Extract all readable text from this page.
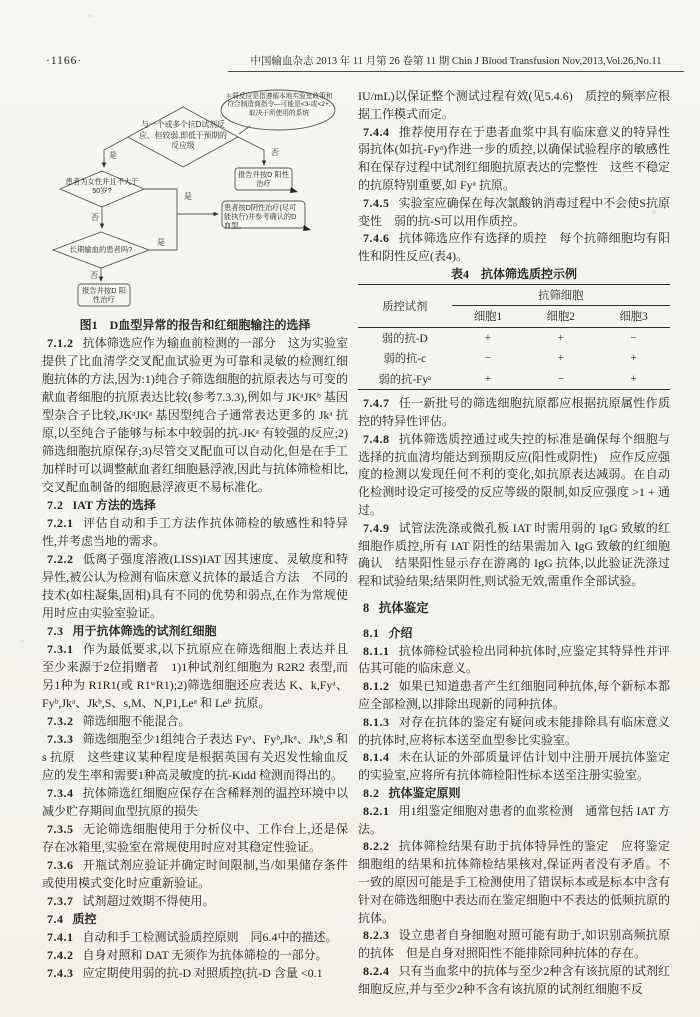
·1166·	中国输血杂志 2013 年 11 月第 26 卷第 11 期 Chin J Blood Transfusion Nov,2013,Vol.26,No.11
＊弱反应是指遵循本地实验室政策和符合制造商指令—可能是<3-或<2+,取决于所使用的系统
与一个或多个抗D试剂反应、但较弱,即低于预期的反应级
患者为女性并且不大于50岁?
长期输血的患者吗?
报告并按D 阳性治疗
患者按D阴性治疗(尽可能执行)并参考确认的D血型。
报告并按D 阳性治疗
是	否
是
否
是
否

图1　D血型异常的报告和红细胞输注的选择

7.1.2 抗体筛选应作为输血前检测的一部分　这为实验室提供了比血清学交叉配血试验更为可靠和灵敏的检测红细胞抗体的方法,因为:1)纯合子筛选细胞的抗原表达与可变的献血者细胞的抗原表达比较(参考7.3.3),例如与 JKᵃJKᵇ 基因型杂合子比较,JKᵃJKᵃ 基因型纯合子通常表达更多的 Jkᵃ 抗原,以至纯合子能够与标本中较弱的抗-JKᵃ 有较强的反应;2)筛选细胞抗原保存;3)尽管交叉配血可以自动化,但是在手工加样时可以调整献血者红细胞悬浮液,因此与抗体筛检相比,交叉配血制备的细胞悬浮液更不易标准化。

7.2 IAT 方法的选择

7.2.1 评估自动和手工方法作抗体筛检的敏感性和特异性,并考虑当地的需求。

7.2.2 低离子强度溶液(LISS)IAT 因其速度、灵敏度和特异性,被公认为检测有临床意义抗体的最适合方法　不同的技术(如柱凝集,固相)具有不同的优势和弱点,在作为常规使用时应由实验室验证。

7.3 用于抗体筛选的试剂红细胞

7.3.1 作为最低要求,以下抗原应在筛选细胞上表达并且至少来源于2位捐赠者　1)1种试剂红细胞为 R2R2 表型,而另1种为 R1R1(或 R1ʷR1);2)筛选细胞还应表达 K、k,Fyᵃ、Fyᵇ,Jkᵃ、Jkᵇ,S、s,M、N,P1,Leᵃ 和 Leᵇ 抗原。

7.3.2 筛选细胞不能混合。

7.3.3 筛选细胞至少1组纯合子表达 Fyᵃ、Fyᵇ,Jkᵃ、Jkᵇ,S 和 s 抗原　这些建议某种程度是根据英国有关迟发性输血反应的发生率和需要1种高灵敏度的抗-Kidd 检测而得出的。

7.3.4 抗体筛选红细胞应保存在含稀释剂的温控环境中以减少贮存期间血型抗原的损失

7.3.5 无论筛选细胞使用于分析仪中、工作台上,还是保存在冰箱里,实验室在常规使用时应对其稳定性验证。

7.3.6 开瓶试剂应验证并确定时间限制,当/如果储存条件或使用模式变化时应重新验证。

7.3.7 试剂超过效期不得使用。

7.4 质控

7.4.1 自动和手工检测试验质控原则　同6.4中的描述。

7.4.2 自身对照和 DAT 无须作为抗体筛检的一部分。

7.4.3 应定期使用弱的抗-D 对照质控(抗-D 含量 <0.1

IU/mL)以保证整个测试过程有效(见5.4.6)　质控的频率应根据工作模式而定。

7.4.4 推荐使用存在于患者血浆中具有临床意义的特异性弱抗体(如抗-Fyᵃ)作进一步的质控,以确保试验程序的敏感性和在保存过程中试剂红细胞抗原表达的完整性　这些不稳定的抗原特别重要,如 Fyᵃ 抗原。

7.4.5 实验室应确保在每次氯酸钠消毒过程中不会使S抗原变性　弱的抗-S可以用作质控。

7.4.6 抗体筛选应作有选择的质控　每个抗筛细胞均有阳性和阴性反应(表4)。

表4　抗体筛选质控示例

质控试剂	抗筛细胞		
	细胞1	细胞2	细胞3
弱的抗-D	+	+	−
弱的抗-c	−	+	+
弱的抗-Fyᵃ	+	−	+

7.4.7 任一新批号的筛选细胞抗原都应根据抗原属性作质控的特异性评估。

7.4.8 抗体筛选质控通过或失控的标准是确保每个细胞与选择的抗血清均能达到预期反应(阳性或阴性)　应作反应强度的检测以发现任何不利的变化,如抗原表达减弱。在自动化检测时设定可接受的反应等级的限制,如反应强度 >1 + 通过。

7.4.9 试管法洗涤或微孔板 IAT 时需用弱的 IgG 致敏的红细胞作质控,所有 IAT 阴性的结果需加入 IgG 致敏的红细胞确认　结果阳性显示存在游离的 IgG 抗体,以此验证洗涤过程和试验结果;结果阴性,则试验无效,需重作全部试验。

8 抗体鉴定

8.1 介绍

8.1.1 抗体筛检试验检出同种抗体时,应鉴定其特异性并评估其可能的临床意义。

8.1.2 如果已知道患者产生红细胞同种抗体,每个新标本都应全部检测,以排除出现新的同种抗体。

8.1.3 对存在抗体的鉴定有疑问或未能排除具有临床意义的抗体时,应将标本送至血型参比实验室。

8.1.4 未在认证的外部质量评估计划中注册开展抗体鉴定的实验室,应将所有抗体筛检阳性标本送至注册实验室。

8.2 抗体鉴定原则

8.2.1 用1组鉴定细胞对患者的血浆检测　通常包括 IAT 方法。

8.2.2 抗体筛检结果有助于抗体特异性的鉴定　应将鉴定细胞组的结果和抗体筛检结果核对,保证两者没有矛盾。不一致的原因可能是手工检测使用了错误标本或是标本中含有针对在筛选细胞中表达而在鉴定细胞中不表达的低频抗原的抗体。

8.2.3 设立患者自身细胞对照可能有助于,如识别高频抗原的抗体　但是自身对照阳性不能排除同种抗体的存在。

8.2.4 只有当血浆中的抗体与至少2种含有该抗原的试剂红细胞反应,并与至少2种不含有该抗原的试剂红细胞不反
